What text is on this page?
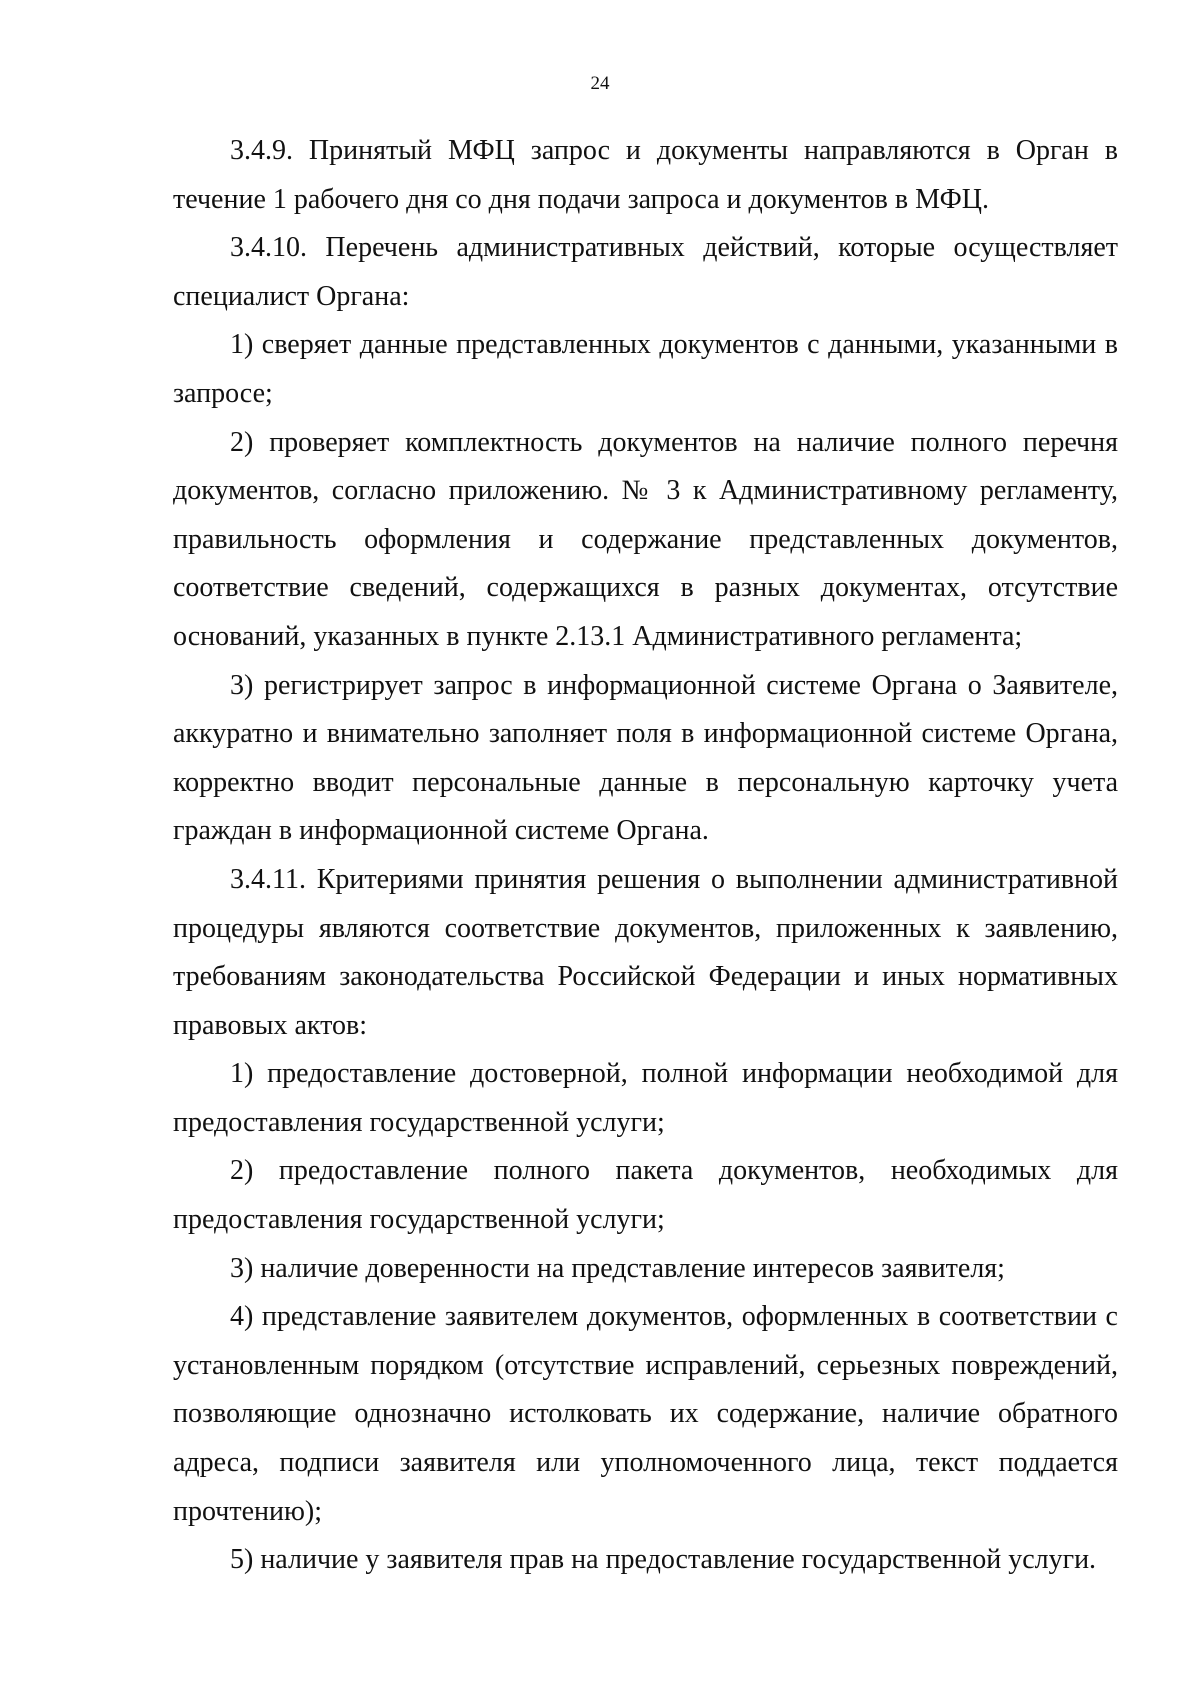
24

3.4.9. Принятый МФЦ запрос и документы направляются в Орган в течение 1 рабочего дня со дня подачи запроса и документов в МФЦ.

3.4.10. Перечень административных действий, которые осуществляет специалист Органа:

1) сверяет данные представленных документов с данными, указанными в запросе;

2) проверяет комплектность документов на наличие полного перечня документов, согласно приложению. № 3 к Административному регламенту, правильность оформления и содержание представленных документов, соответствие сведений, содержащихся в разных документах, отсутствие оснований, указанных в пункте 2.13.1 Административного регламента;

3) регистрирует запрос в информационной системе Органа о Заявителе, аккуратно и внимательно заполняет поля в информационной системе Органа, корректно вводит персональные данные в персональную карточку учета граждан в информационной системе Органа.

3.4.11. Критериями принятия решения о выполнении административной процедуры являются соответствие документов, приложенных к заявлению, требованиям законодательства Российской Федерации и иных нормативных правовых актов:

1) предоставление достоверной, полной информации необходимой для предоставления государственной услуги;

2) предоставление полного пакета документов, необходимых для предоставления государственной услуги;

3) наличие доверенности на представление интересов заявителя;

4) представление заявителем документов, оформленных в соответствии с установленным порядком (отсутствие исправлений, серьезных повреждений, позволяющие однозначно истолковать их содержание, наличие обратного адреса, подписи заявителя или уполномоченного лица, текст поддается прочтению);

5) наличие у заявителя прав на предоставление государственной услуги.
